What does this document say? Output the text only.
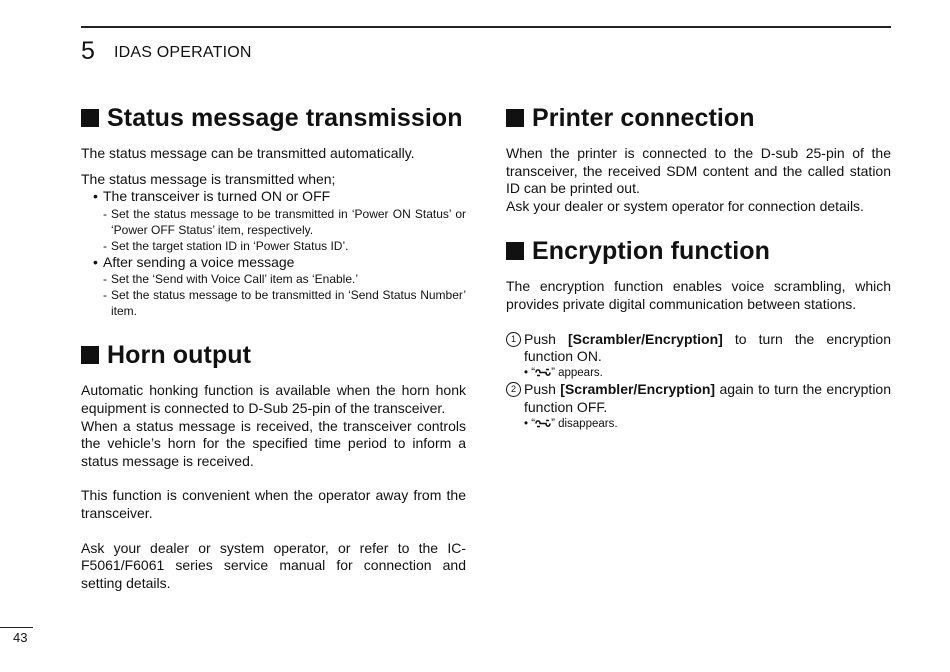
5 IDAS OPERATION
Status message transmission

The status message can be transmitted automatically.

The status message is transmitted when;

• The transceiver is turned ON or OFF
- Set the status message to be transmitted in ‘Power ON Status’ or ‘Power OFF Status’ item, respectively.
- Set the target station ID in ‘Power Status ID’.
• After sending a voice message
- Set the ‘Send with Voice Call’ item as ‘Enable.’
- Set the status message to be transmitted in ‘Send Status Number’ item.
Horn output

Automatic honking function is available when the horn honk equipment is connected to D-Sub 25-pin of the transceiver.

When a status message is received, the transceiver controls the vehicle’s horn for the specified time period to inform a status message is received.

This function is convenient when the operator away from the transceiver.

Ask your dealer or system operator, or refer to the IC-F5061/F6061 series service manual for connection and setting details.

Printer connection

When the printer is connected to the D-sub 25-pin of the transceiver, the received SDM content and the called station ID can be printed out.

Ask your dealer or system operator for connection details.

Encryption function

The encryption function enables voice scrambling, which provides private digital communication between stations.

1 Push [Scrambler/Encryption] to turn the encryption function ON.
• “ ” appears.
2 Push [Scrambler/Encryption] again to turn the encryption function OFF.
• “ ” disappears.
43
